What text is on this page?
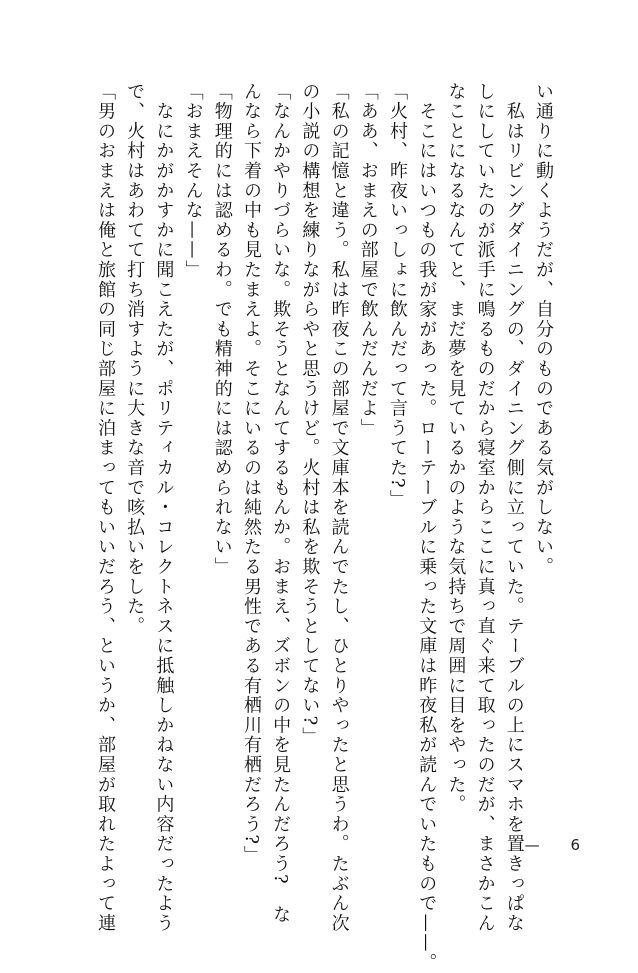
い通りに動くようだが、自分のものである気がしない。

　私はリビングダイニングの、ダイニング側に立っていた。テーブルの上にスマホを置きっぱな

しにしていたのが派手に鳴るものだから寝室からここに真っ直ぐ来て取ったのだが、まさかこん

なことになるなんてと、まだ夢を見ているかのような気持ちで周囲に目をやった。

　そこにはいつもの我が家があった。ローテーブルに乗った文庫は昨夜私が読んでいたもので——。

「火村、昨夜いっしょに飲んだって言うてた?」

「ああ、おまえの部屋で飲んだんだよ」

「私の記憶と違う。私は昨夜この部屋で文庫本を読んでたし、ひとりやったと思うわ。たぶん次

の小説の構想を練りながらやと思うけど。火村は私を欺そうとしてない?」

「なんかやりづらいな。欺そうとなんてするもんか。おまえ、ズボンの中を見たんだろう?　な

んなら下着の中も見たまえよ。そこにいるのは純然たる男性である有栖川有栖だろう?」

「物理的には認めるわ。でも精神的には認められない」

「おまえそんな——」

　なにかがかすかに聞こえたが、ポリティカル・コレクトネスに抵触しかねない内容だったよう

で、火村はあわてて打ち消すように大きな音で咳払いをした。

「男のおまえは俺と旅館の同じ部屋に泊まってもいいだろう、というか、部屋が取れたよって連	— 6
